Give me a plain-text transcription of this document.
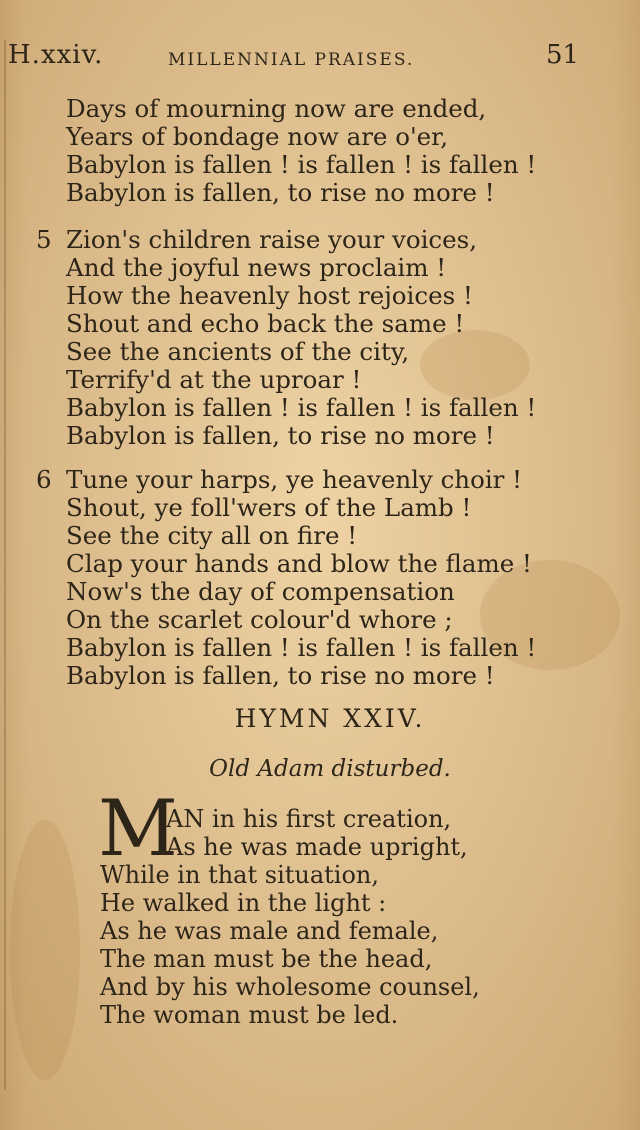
H.xxiv.	MILLENNIAL PRAISES.	51
Days of mourning now are ended,
Years of bondage now are o'er,
Babylon is fallen ! is fallen ! is fallen !
Babylon is fallen, to rise no more !
5 Zion's children raise your voices,
And the joyful news proclaim !
How the heavenly host rejoices !
Shout and echo back the same !
See the ancients of the city,
Terrify'd at the uproar !
Babylon is fallen ! is fallen ! is fallen !
Babylon is fallen, to rise no more !
6 Tune your harps, ye heavenly choir !
Shout, ye foll'wers of the Lamb !
See the city all on fire !
Clap your hands and blow the flame !
Now's the day of compensation
On the scarlet colour'd whore ;
Babylon is fallen ! is fallen ! is fallen !
Babylon is fallen, to rise no more !
HYMN XXIV.
Old Adam disturbed.
M
AN in his first creation,
As he was made upright,
While in that situation,
He walked in the light :
As he was male and female,
The man must be the head,
And by his wholesome counsel,
The woman must be led.
